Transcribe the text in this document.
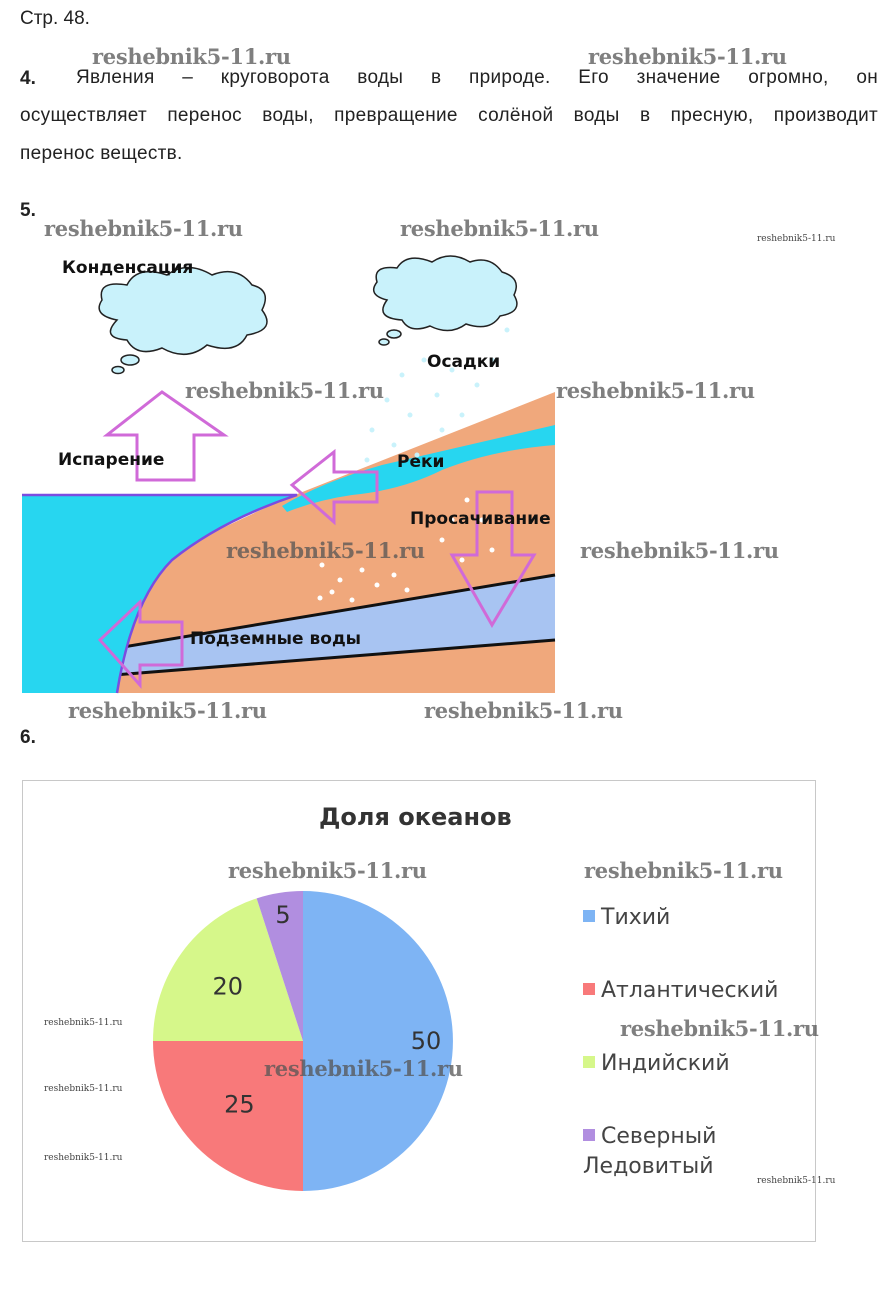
Стр. 48.
4.	Явления – круговорота воды в природе. Его значение огромно, он
осуществляет перенос воды, превращение солёной воды в пресную, производит
перенос веществ.
5.
Конденсация
Осадки
Испарение	Реки
Просачивание
Подземные воды
6.
Доля океанов
50
25
20
5	Тихий
Атлантический
Индийский
Северный
Ледовитый
reshebnik5-11.ru	reshebnik5-11.ru
reshebnik5-11.ru	reshebnik5-11.ru	reshebnik5-11.ru
reshebnik5-11.ru	reshebnik5-11.ru
reshebnik5-11.ru	reshebnik5-11.ru
reshebnik5-11.ru	reshebnik5-11.ru
reshebnik5-11.ru	reshebnik5-11.ru
reshebnik5-11.ru
reshebnik5-11.ru
reshebnik5-11.ru
reshebnik5-11.ru
reshebnik5-11.ru
reshebnik5-11.ru
